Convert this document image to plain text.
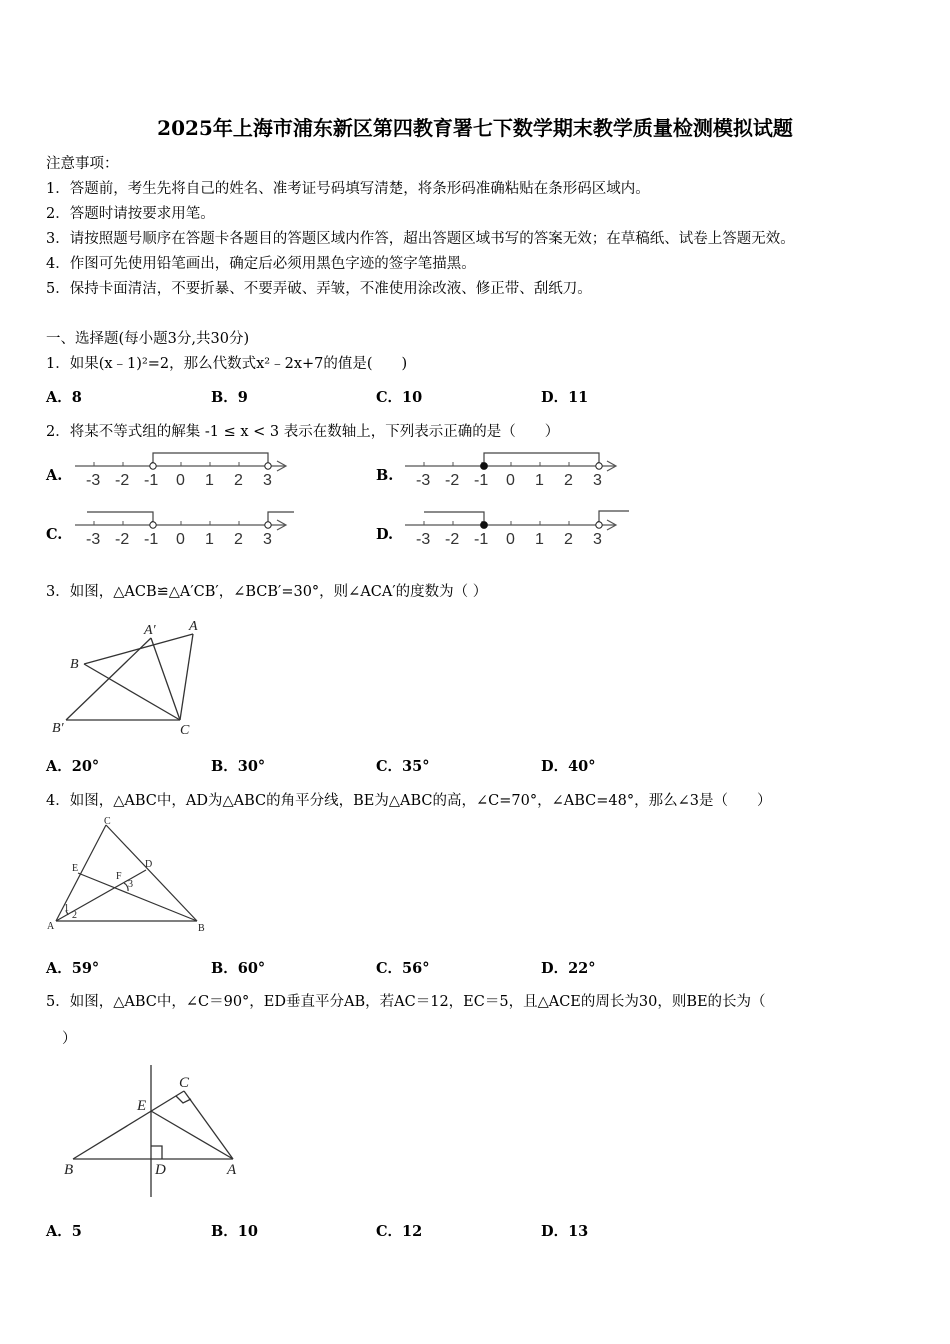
2025年上海市浦东新区第四教育署七下数学期末教学质量检测模拟试题
注意事项：
1．答题前，考生先将自己的姓名、准考证号码填写清楚，将条形码准确粘贴在条形码区域内。
2．答题时请按要求用笔。
3．请按照题号顺序在答题卡各题目的答题区域内作答，超出答题区域书写的答案无效；在草稿纸、试卷上答题无效。
4．作图可先使用铅笔画出，确定后必须用黑色字迹的签字笔描黑。
5．保持卡面清洁，不要折暴、不要弄破、弄皱，不准使用涂改液、修正带、刮纸刀。
一、选择题(每小题3分,共30分)
1．如果(x﹣1)²=2，那么代数式x²﹣2x+7的值是(　　)
A．8	B．9	C．10	D．11
2．将某不等式组的解集 -1 ≤ x < 3 表示在数轴上，下列表示正确的是（　　）
A. -3 -2 -1 0 1 2 3	B. -3 -2 -1 0 1 2 3
C. -3 -2 -1 0 1 2 3	D. -3 -2 -1 0 1 2 3
3．如图，△ACB≌△A′CB′，∠BCB′=30°，则∠ACA′的度数为（ ）
A′ A
B
B′	C
A．20°	B．30°	C．35°	D．40°
4．如图，△ABC中，AD为△ABC的角平分线，BE为△ABC的高，∠C=70°，∠ABC=48°，那么∠3是（　　）
C
E	D
F
3
1
2
A	B
A．59°	B．60°	C．56°	D．22°
5．如图，△ABC中，∠C＝90°，ED垂直平分AB，若AC＝12，EC＝5，且△ACE的周长为30，则BE的长为（
）
C
E
B	D	A
A．5	B．10	C．12	D．13
